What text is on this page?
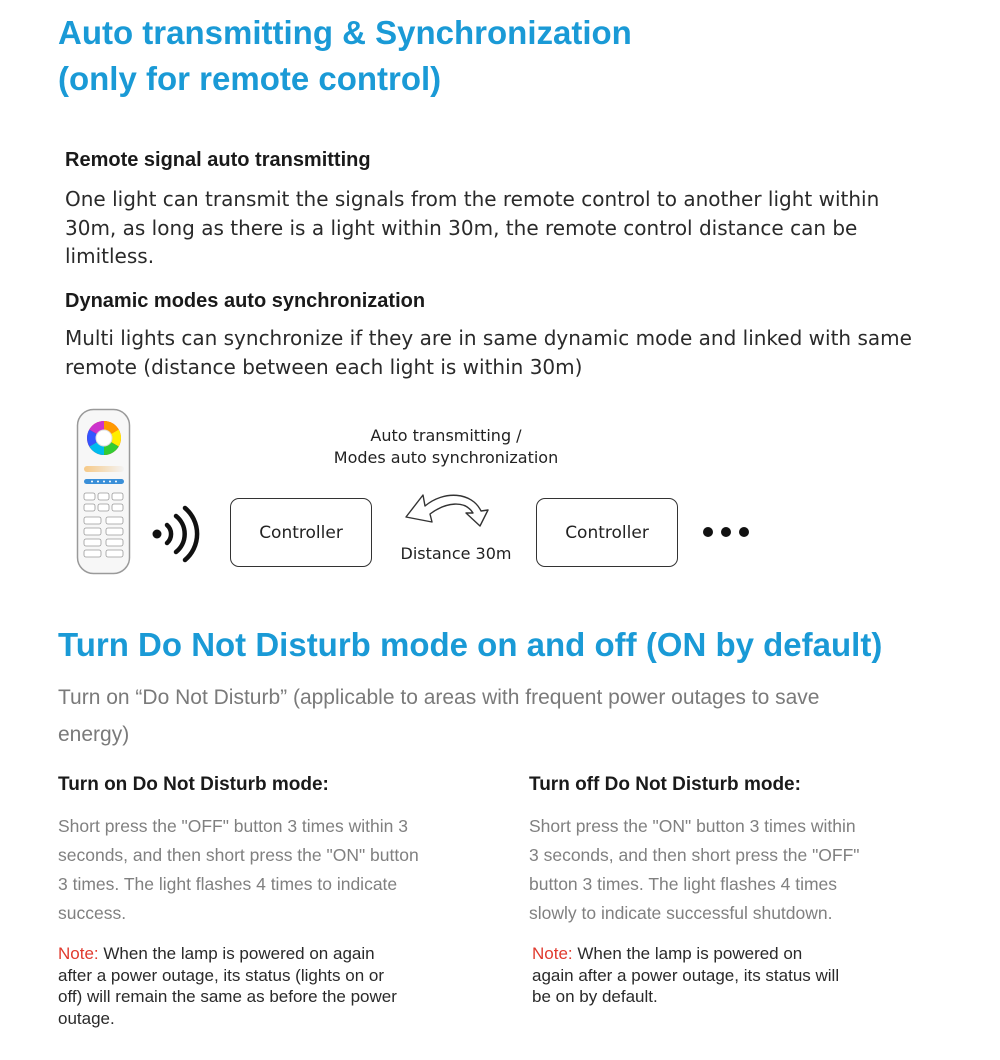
Auto transmitting & Synchronization

(only for remote control)

Remote signal auto transmitting

One light can transmit the signals from the remote control to another light within

30m, as long as there is a light within 30m, the remote control distance can be

limitless.

Dynamic modes auto synchronization

Multi lights can synchronize if they are in same dynamic mode and linked with same

remote (distance between each light is within 30m)

Controller
Auto transmitting /
Modes auto synchronization
Distance 30m
Controller

Turn Do Not Disturb mode on and off (ON by default)

Turn on “Do Not Disturb” (applicable to areas with frequent power outages to save

energy)

Turn on Do Not Disturb mode:

Short press the "OFF" button 3 times within 3

seconds, and then short press the "ON" button

3 times. The light flashes 4 times to indicate

success.

Note: When the lamp is powered on again

after a power outage, its status (lights on or

off) will remain the same as before the power

outage.

Turn off Do Not Disturb mode:

Short press the "ON" button 3 times within

3 seconds, and then short press the "OFF"

button 3 times. The light flashes 4 times

slowly to indicate successful shutdown.

Note: When the lamp is powered on

again after a power outage, its status will

be on by default.
